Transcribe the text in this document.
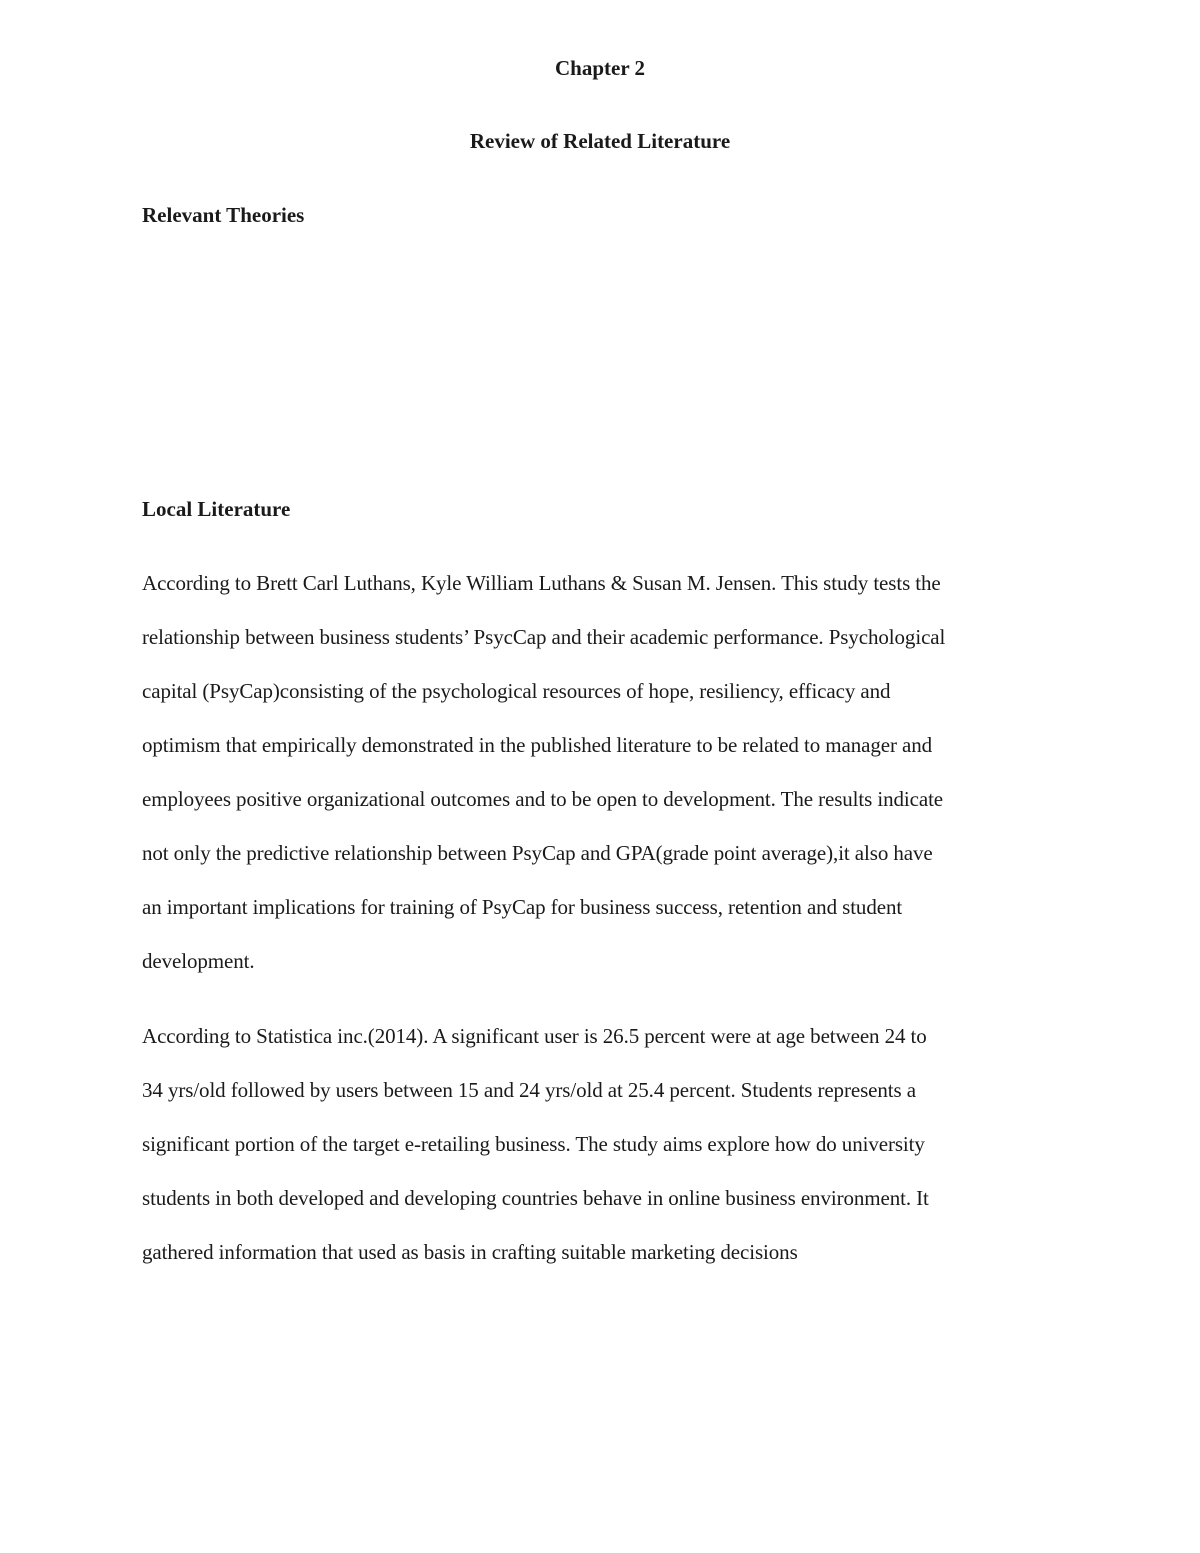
Chapter 2
Review of Related Literature
Relevant Theories
Local Literature
According to Brett Carl Luthans, Kyle William Luthans & Susan M. Jensen. This study tests the
relationship between business students’ PsycCap and their academic performance. Psychological
capital (PsyCap)consisting of the psychological resources of hope, resiliency, efficacy and
optimism that empirically demonstrated in the published literature to be related to manager and
employees positive organizational outcomes and to be open to development. The results indicate
not only the predictive relationship between PsyCap and GPA(grade point average),it also have
an important implications for training of PsyCap for business success, retention and student
development.
According to Statistica inc.(2014). A significant user is 26.5 percent were at age between 24 to
34 yrs/old followed by users between 15 and 24 yrs/old at 25.4 percent. Students represents a
significant portion of the target e-retailing business. The study aims explore how do university
students in both developed and developing countries behave in online business environment. It
gathered information that used as basis in crafting suitable marketing decisions
